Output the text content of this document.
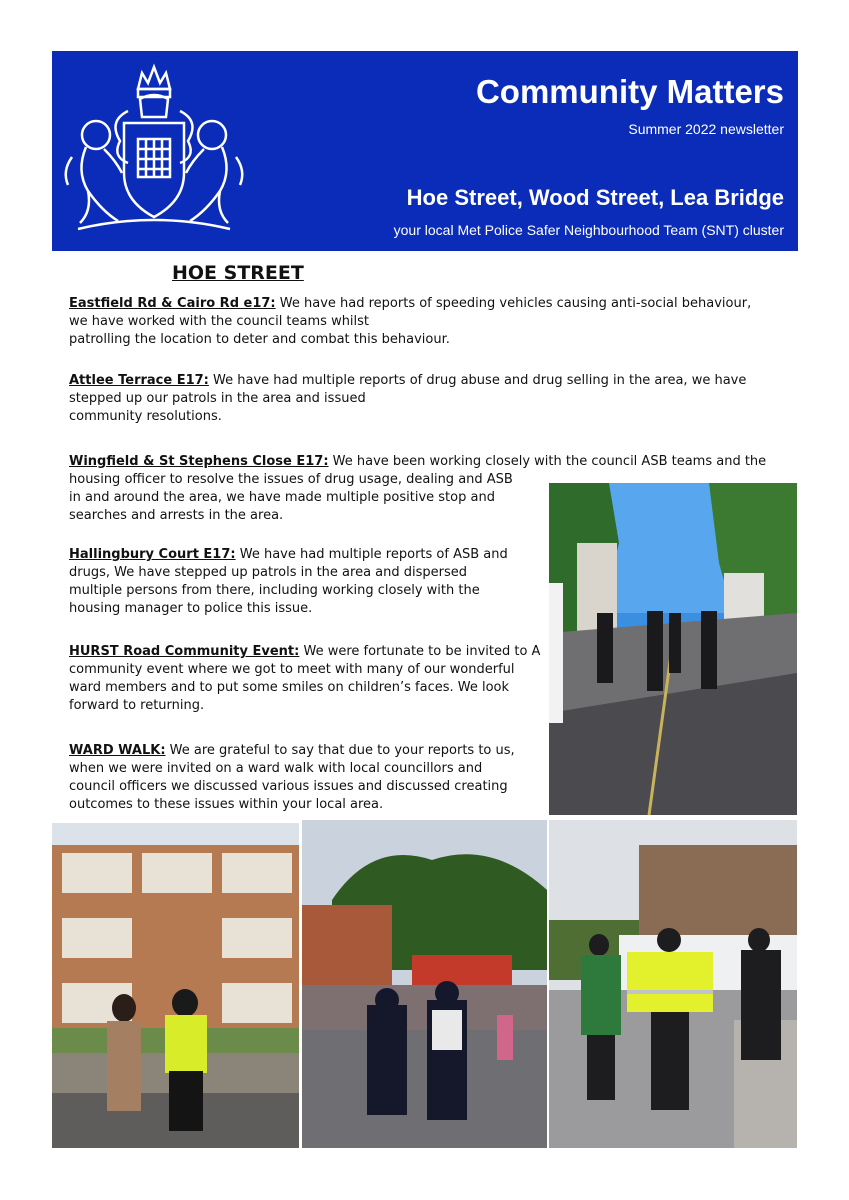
Community Matters
Summer 2022 newsletter
Hoe Street, Wood Street, Lea Bridge
your local Met Police Safer Neighbourhood Team (SNT) cluster
HOE STREET

Eastfield Rd & Cairo Rd e17: We have had reports of speeding vehicles causing anti-social behaviour,
we have worked with the council teams whilst
patrolling the location to deter and combat this behaviour.

Attlee Terrace E17: We have had multiple reports of drug abuse and drug selling in the area, we have
stepped up our patrols in the area and issued
community resolutions.

Wingfield & St Stephens Close E17: We have been working closely with the council ASB teams and the
housing officer to resolve the issues of drug usage, dealing and ASB
in and around the area, we have made multiple positive stop and
searches and arrests in the area.

Hallingbury Court E17: We have had multiple reports of ASB and
drugs, We have stepped up patrols in the area and dispersed
multiple persons from there, including working closely with the
housing manager to police this issue.

HURST Road Community Event: We were fortunate to be invited to A
community event where we got to meet with many of our wonderful
ward members and to put some smiles on children’s faces. We look
forward to returning.

WARD WALK: We are grateful to say that due to your reports to us,
when we were invited on a ward walk with local councillors and
council officers we discussed various issues and discussed creating
outcomes to these issues within your local area.
